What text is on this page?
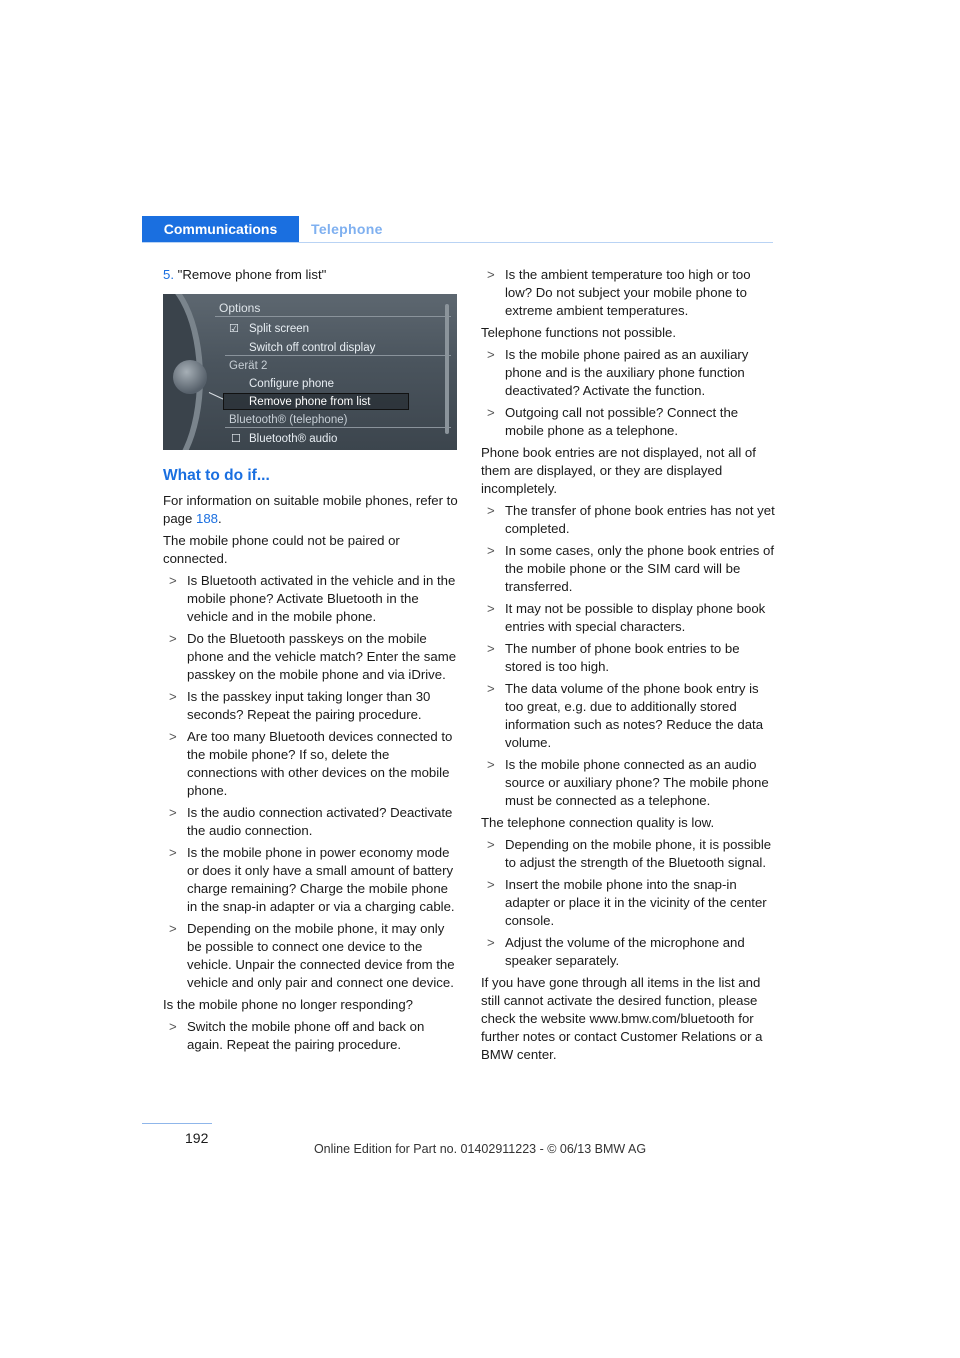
Communications	Telephone

5. "Remove phone from list"

Options
☑ Split screen
Switch off control display
Gerät 2
Configure phone
Remove phone from list
Bluetooth® (telephone)
☐ Bluetooth® audio
What to do if...

For information on suitable mobile phones, refer to page 188.

The mobile phone could not be paired or connected.

> Is Bluetooth activated in the vehicle and in the mobile phone? Activate Bluetooth in the vehicle and in the mobile phone.
> Do the Bluetooth passkeys on the mobile phone and the vehicle match? Enter the same passkey on the mobile phone and via iDrive.
> Is the passkey input taking longer than 30 seconds? Repeat the pairing procedure.
> Are too many Bluetooth devices connected to the mobile phone? If so, delete the connections with other devices on the mobile phone.
> Is the audio connection activated? Deactivate the audio connection.
> Is the mobile phone in power economy mode or does it only have a small amount of battery charge remaining? Charge the mobile phone in the snap-in adapter or via a charging cable.
> Depending on the mobile phone, it may only be possible to connect one device to the vehicle. Unpair the connected device from the vehicle and only pair and connect one device.

Is the mobile phone no longer responding?

> Switch the mobile phone off and back on again. Repeat the pairing procedure.
> Is the ambient temperature too high or too low? Do not subject your mobile phone to extreme ambient temperatures.

Telephone functions not possible.

> Is the mobile phone paired as an auxiliary phone and is the auxiliary phone function deactivated? Activate the function.
> Outgoing call not possible? Connect the mobile phone as a telephone.

Phone book entries are not displayed, not all of them are displayed, or they are displayed incompletely.

> The transfer of phone book entries has not yet completed.
> In some cases, only the phone book entries of the mobile phone or the SIM card will be transferred.
> It may not be possible to display phone book entries with special characters.
> The number of phone book entries to be stored is too high.
> The data volume of the phone book entry is too great, e.g. due to additionally stored information such as notes? Reduce the data volume.
> Is the mobile phone connected as an audio source or auxiliary phone? The mobile phone must be connected as a telephone.

The telephone connection quality is low.

> Depending on the mobile phone, it is possible to adjust the strength of the Bluetooth signal.
> Insert the mobile phone into the snap-in adapter or place it in the vicinity of the center console.
> Adjust the volume of the microphone and speaker separately.

If you have gone through all items in the list and still cannot activate the desired function, please check the website www.bmw.com/bluetooth for further notes or contact Customer Relations or a BMW center.

192
Online Edition for Part no. 01402911223 - © 06/13 BMW AG
